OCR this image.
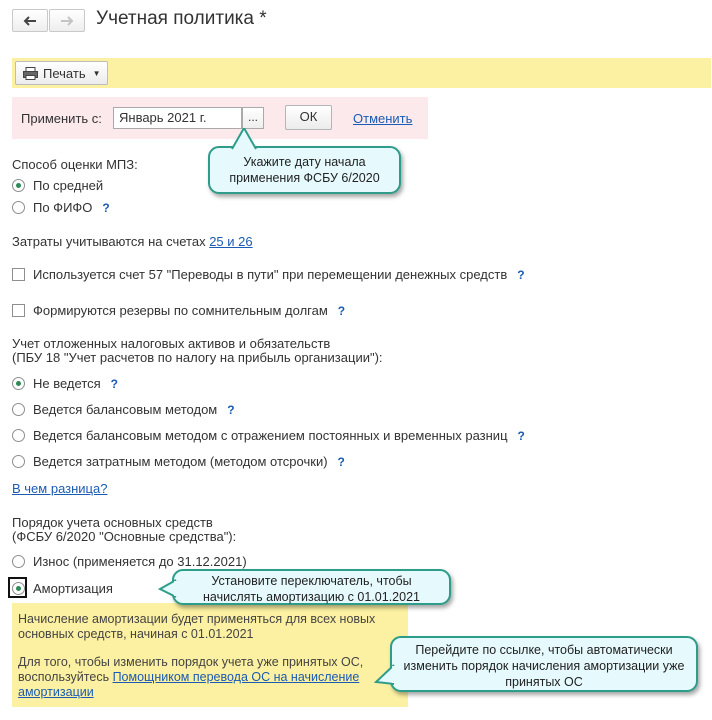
Учетная политика *
Печать ▼
Применить с:	Январь 2021 г.	...	ОК	Отменить
Способ оценки МПЗ:
По средней
По ФИФО ?
Затраты учитываются на счетах 25 и 26
Используется счет 57 "Переводы в пути" при перемещении денежных средств ?
Формируются резервы по сомнительным долгам ?
Учет отложенных налоговых активов и обязательств
(ПБУ 18 "Учет расчетов по налогу на прибыль организации"):
Не ведется ?
Ведется балансовым методом ?
Ведется балансовым методом с отражением постоянных и временных разниц ?
Ведется затратным методом (методом отсрочки) ?
В чем разница?
Порядок учета основных средств
(ФСБУ 6/2020 "Основные средства"):
Износ (применяется до 31.12.2021)
Амортизация
Начисление амортизации будет применяться для всех новых
основных средств, начиная с 01.01.2021
Для того, чтобы изменить порядок учета уже принятых ОС,
воспользуйтесь Помощником перевода ОС на начисление
амортизации
Укажите дату начала применения ФСБУ 6/2020
Установите переключатель, чтобы начислять амортизацию с 01.01.2021
Перейдите по ссылке, чтобы автоматически изменить порядок начисления амортизации уже принятых ОС
